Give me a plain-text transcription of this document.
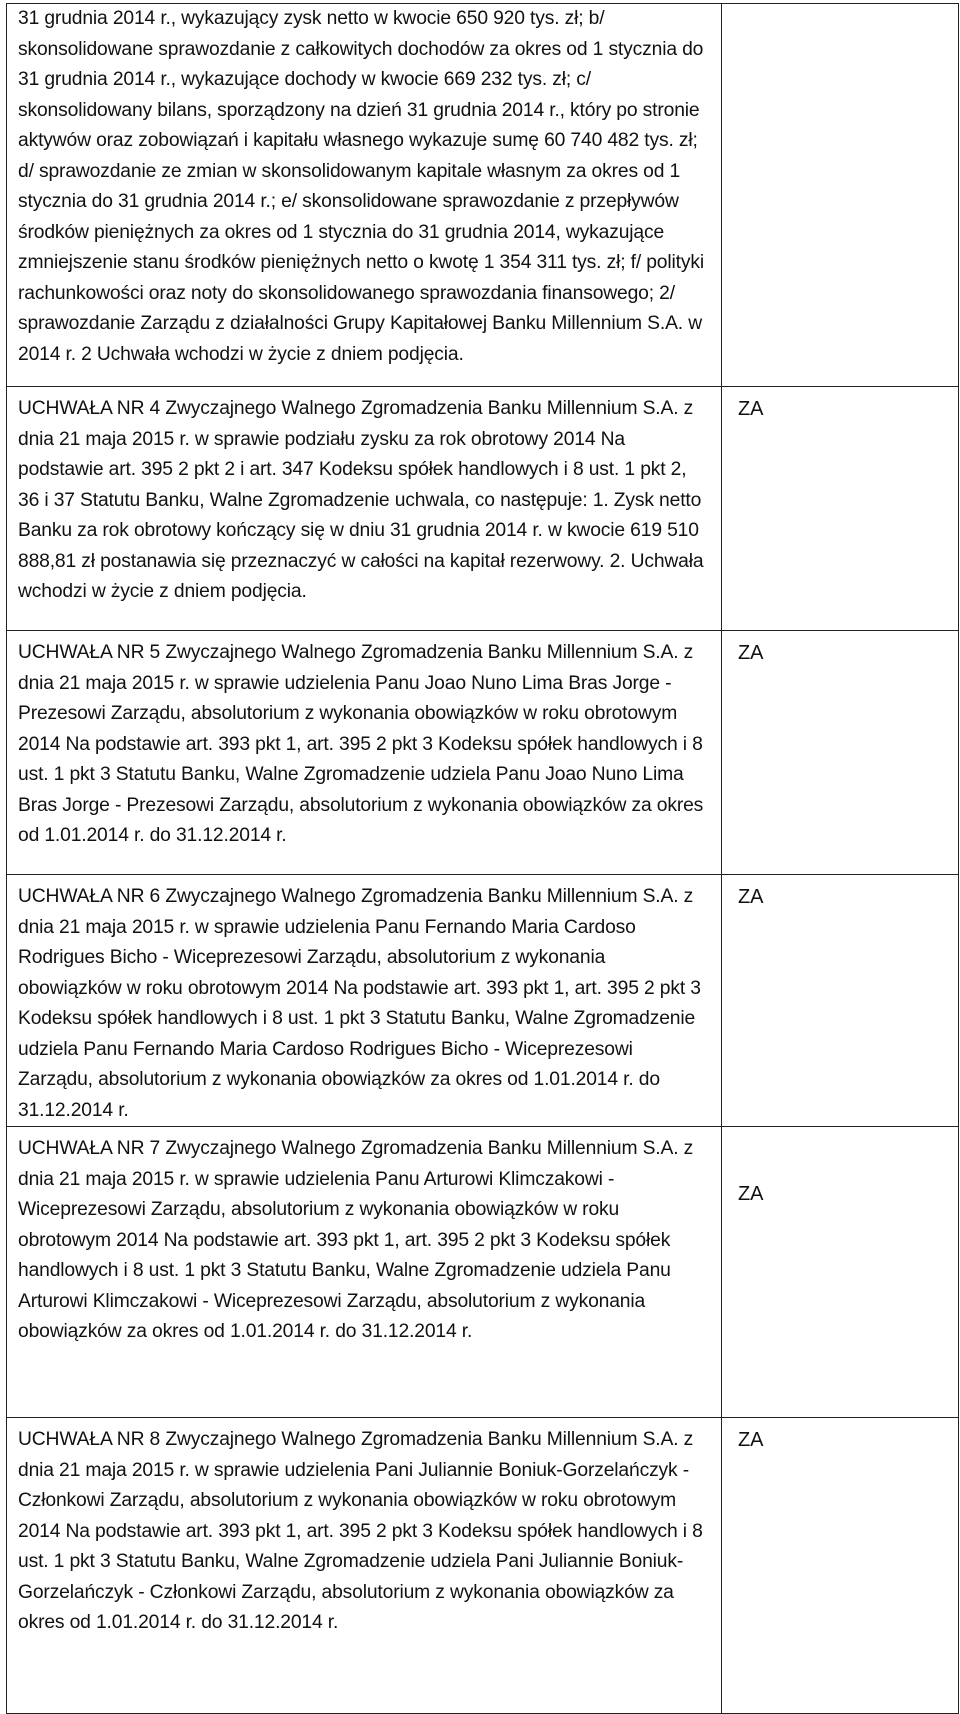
31 grudnia 2014 r., wykazujący zysk netto w kwocie 650 920 tys. zł; b/ skonsolidowane sprawozdanie z całkowitych dochodów za okres od 1 stycznia do 31 grudnia 2014 r., wykazujące dochody w kwocie 669 232 tys. zł; c/ skonsolidowany bilans, sporządzony na dzień 31 grudnia 2014 r., który po stronie aktywów oraz zobowiązań i kapitału własnego wykazuje sumę 60 740 482 tys. zł; d/ sprawozdanie ze zmian w skonsolidowanym kapitale własnym za okres od 1 stycznia do 31 grudnia 2014 r.; e/ skonsolidowane sprawozdanie z przepływów środków pieniężnych za okres od 1 stycznia do 31 grudnia 2014, wykazujące zmniejszenie stanu środków pieniężnych netto o kwotę 1 354 311 tys. zł; f/ polityki rachunkowości oraz noty do skonsolidowanego sprawozdania finansowego; 2/ sprawozdanie Zarządu z działalności Grupy Kapitałowej Banku Millennium S.A. w 2014 r. 2 Uchwała wchodzi w życie z dniem podjęcia.	

UCHWAŁA NR 4 Zwyczajnego Walnego Zgromadzenia Banku Millennium S.A. z dnia 21 maja 2015 r. w sprawie podziału zysku za rok obrotowy 2014 Na podstawie art. 395 2 pkt 2 i art. 347 Kodeksu spółek handlowych i 8 ust. 1 pkt 2, 36 i 37 Statutu Banku, Walne Zgromadzenie uchwala, co następuje: 1. Zysk netto Banku za rok obrotowy kończący się w dniu 31 grudnia 2014 r. w kwocie 619 510 888,81 zł postanawia się przeznaczyć w całości na kapitał rezerwowy. 2. Uchwała wchodzi w życie z dniem podjęcia.	ZA

UCHWAŁA NR 5 Zwyczajnego Walnego Zgromadzenia Banku Millennium S.A. z dnia 21 maja 2015 r. w sprawie udzielenia Panu Joao Nuno Lima Bras Jorge - Prezesowi Zarządu, absolutorium z wykonania obowiązków w roku obrotowym 2014 Na podstawie art. 393 pkt 1, art. 395 2 pkt 3 Kodeksu spółek handlowych i 8 ust. 1 pkt 3 Statutu Banku, Walne Zgromadzenie udziela Panu Joao Nuno Lima Bras Jorge - Prezesowi Zarządu, absolutorium z wykonania obowiązków za okres od 1.01.2014 r. do 31.12.2014 r.	ZA

UCHWAŁA NR 6 Zwyczajnego Walnego Zgromadzenia Banku Millennium S.A. z dnia 21 maja 2015 r. w sprawie udzielenia Panu Fernando Maria Cardoso Rodrigues Bicho - Wiceprezesowi Zarządu, absolutorium z wykonania obowiązków w roku obrotowym 2014 Na podstawie art. 393 pkt 1, art. 395 2 pkt 3 Kodeksu spółek handlowych i 8 ust. 1 pkt 3 Statutu Banku, Walne Zgromadzenie udziela Panu Fernando Maria Cardoso Rodrigues Bicho - Wiceprezesowi Zarządu, absolutorium z wykonania obowiązków za okres od 1.01.2014 r. do 31.12.2014 r.	ZA

UCHWAŁA NR 7 Zwyczajnego Walnego Zgromadzenia Banku Millennium S.A. z dnia 21 maja 2015 r. w sprawie udzielenia Panu Arturowi Klimczakowi - Wiceprezesowi Zarządu, absolutorium z wykonania obowiązków w roku obrotowym 2014 Na podstawie art. 393 pkt 1, art. 395 2 pkt 3 Kodeksu spółek handlowych i 8 ust. 1 pkt 3 Statutu Banku, Walne Zgromadzenie udziela Panu Arturowi Klimczakowi - Wiceprezesowi Zarządu, absolutorium z wykonania obowiązków za okres od 1.01.2014 r. do 31.12.2014 r.	ZA

UCHWAŁA NR 8 Zwyczajnego Walnego Zgromadzenia Banku Millennium S.A. z dnia 21 maja 2015 r. w sprawie udzielenia Pani Juliannie Boniuk-Gorzelańczyk - Członkowi Zarządu, absolutorium z wykonania obowiązków w roku obrotowym 2014 Na podstawie art. 393 pkt 1, art. 395 2 pkt 3 Kodeksu spółek handlowych i 8 ust. 1 pkt 3 Statutu Banku, Walne Zgromadzenie udziela Pani Juliannie Boniuk-Gorzelańczyk - Członkowi Zarządu, absolutorium z wykonania obowiązków za okres od 1.01.2014 r. do 31.12.2014 r.	ZA
